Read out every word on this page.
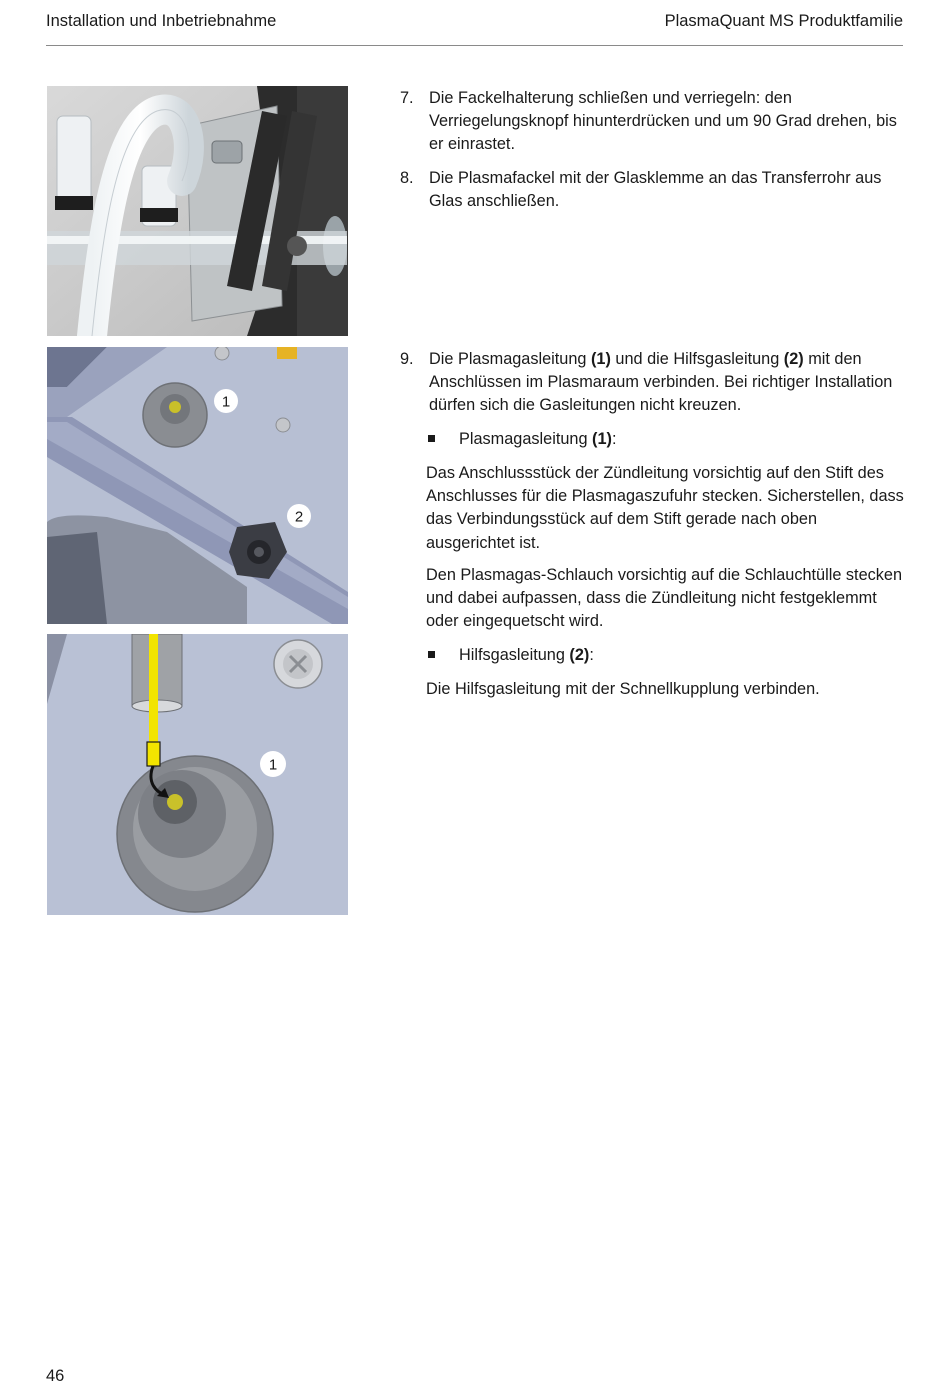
Installation und Inbetriebnahme	PlasmaQuant MS Produktfamilie
1
2
1
7. Die Fackelhalterung schließen und verriegeln: den Verriegelungsknopf hinunterdrücken und um 90 Grad drehen, bis er einrastet.
8. Die Plasmafackel mit der Glasklemme an das Transferrohr aus Glas anschließen.
9. Die Plasmagasleitung (1) und die Hilfsgasleitung (2) mit den Anschlüssen im Plasmaraum verbinden. Bei richtiger Installation dürfen sich die Gasleitungen nicht kreuzen.
Plasmagasleitung (1):
Das Anschlussstück der Zündleitung vorsichtig auf den Stift des Anschlusses für die Plasmagaszufuhr stecken. Sicherstellen, dass das Verbindungsstück auf dem Stift gerade nach oben ausgerichtet ist.
Den Plasmagas-Schlauch vorsichtig auf die Schlauchtülle stecken und dabei aufpassen, dass die Zündleitung nicht festgeklemmt oder eingequetscht wird.
Hilfsgasleitung (2):
Die Hilfsgasleitung mit der Schnellkupplung verbinden.
46
